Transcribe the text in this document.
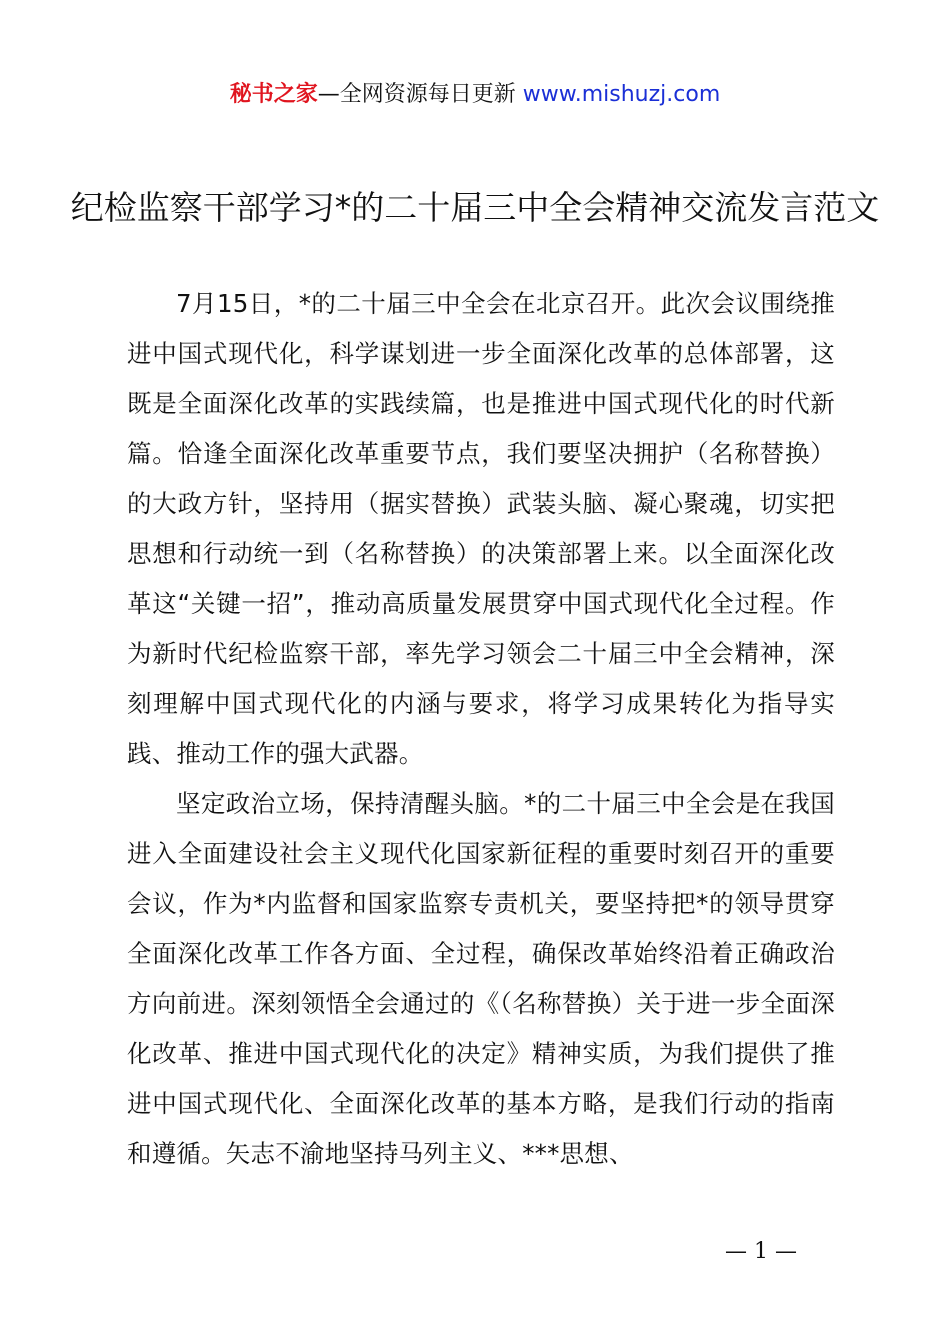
秘书之家—全网资源每日更新 www.mishuzj.com
纪检监察干部学习*的二十届三中全会精神交流发言范文

7月15日，*的二十届三中全会在北京召开。此次会议围绕推进中国式现代化，科学谋划进一步全面深化改革的总体部署，这既是全面深化改革的实践续篇，也是推进中国式现代化的时代新篇。恰逢全面深化改革重要节点，我们要坚决拥护（名称替换）的大政方针，坚持用（据实替换）武装头脑、凝心聚魂，切实把思想和行动统一到（名称替换）的决策部署上来。以全面深化改革这“关键一招”，推动高质量发展贯穿中国式现代化全过程。作为新时代纪检监察干部，率先学习领会二十届三中全会精神，深刻理解中国式现代化的内涵与要求，将学习成果转化为指导实践、推动工作的强大武器。

坚定政治立场，保持清醒头脑。*的二十届三中全会是在我国进入全面建设社会主义现代化国家新征程的重要时刻召开的重要会议，作为*内监督和国家监察专责机关，要坚持把*的领导贯穿全面深化改革工作各方面、全过程，确保改革始终沿着正确政治方向前进。深刻领悟全会通过的《（名称替换）关于进一步全面深化改革、推进中国式现代化的决定》精神实质，为我们提供了推进中国式现代化、全面深化改革的基本方略，是我们行动的指南和遵循。矢志不渝地坚持马列主义、***思想、

— 1 —
